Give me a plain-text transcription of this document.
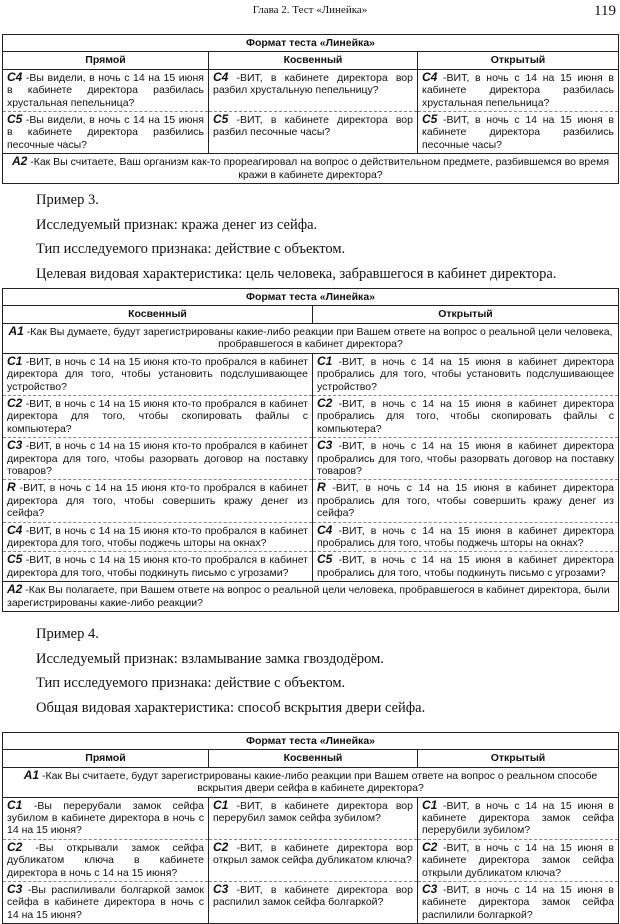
Глава 2. Тест «Линейка»	119
Формат теста «Линейка»		
Прямой	Косвенный	Открытый
C4 -Вы видели, в ночь с 14 на 15 июня в кабинете директора разбилась хрустальная пепельница?	C4 -ВИТ, в кабинете директора вор разбил хрустальную пепельницу?	C4 -ВИТ, в ночь с 14 на 15 июня в кабинете директора разбилась хрустальная пепельница?
C5 -Вы видели, в ночь с 14 на 15 июня в кабинете директора разбились песочные часы?	C5 -ВИТ, в кабинете директора вор разбил песочные часы?	C5 -ВИТ, в ночь с 14 на 15 июня в кабинете директора разбились песочные часы?
A2 -Как Вы считаете, Ваш организм как-то прореагировал на вопрос о действительном предмете, разбившемся во время кражи в кабинете директора?		
Пример 3.
Исследуемый признак: кража денег из сейфа.
Тип исследуемого признака: действие с объектом.
Целевая видовая характеристика: цель человека, забравшегося в кабинет директора.
Формат теста «Линейка»	
Косвенный	Открытый
A1 -Как Вы думаете, будут зарегистрированы какие-либо реакции при Вашем ответе на вопрос о реальной цели человека, пробравшегося в кабинет директора?	
C1 -ВИТ, в ночь с 14 на 15 июня кто-то пробрался в кабинет директора для того, чтобы установить подслушивающее устройство?	C1 -ВИТ, в ночь с 14 на 15 июня в кабинет директора пробрались для того, чтобы установить подслушивающее устройство?
C2 -ВИТ, в ночь с 14 на 15 июня кто-то пробрался в кабинет директора для того, чтобы скопировать файлы с компьютера?	C2 -ВИТ, в ночь с 14 на 15 июня в кабинет директора пробрались для того, чтобы скопировать файлы с компьютера?
C3 -ВИТ, в ночь с 14 на 15 июня кто-то пробрался в кабинет директора для того, чтобы разорвать договор на поставку товаров?	C3 -ВИТ, в ночь с 14 на 15 июня в кабинет директора пробрались для того, чтобы разорвать договор на поставку товаров?
R -ВИТ, в ночь с 14 на 15 июня кто-то пробрался в кабинет директора для того, чтобы совершить кражу денег из сейфа?	R -ВИТ, в ночь с 14 на 15 июня в кабинет директора пробрались для того, чтобы совершить кражу денег из сейфа?
C4 -ВИТ, в ночь с 14 на 15 июня кто-то пробрался в кабинет директора для того, чтобы поджечь шторы на окнах?	C4 -ВИТ, в ночь с 14 на 15 июня в кабинет директора пробрались для того, чтобы поджечь шторы на окнах?
C5 -ВИТ, в ночь с 14 на 15 июня кто-то пробрался в кабинет директора для того, чтобы подкинуть письмо с угрозами?	C5 -ВИТ, в ночь с 14 на 15 июня в кабинет директора пробрались для того, чтобы подкинуть письмо с угрозами?
A2 -Как Вы полагаете, при Вашем ответе на вопрос о реальной цели человека, пробравшегося в кабинет директора, были зарегистрированы какие-либо реакции?	
Пример 4.
Исследуемый признак: взламывание замка гвоздодёром.
Тип исследуемого признака: действие с объектом.
Общая видовая характеристика: способ вскрытия двери сейфа.
Формат теста «Линейка»		
Прямой	Косвенный	Открытый
A1 -Как Вы считаете, будут зарегистрированы какие-либо реакции при Вашем ответе на вопрос о реальном способе вскрытия двери сейфа в кабинете директора?		
C1 -Вы перерубали замок сейфа зубилом в кабинете директора в ночь с 14 на 15 июня?	C1 -ВИТ, в кабинете директора вор перерубил замок сейфа зубилом?	C1 -ВИТ, в ночь с 14 на 15 июня в кабинете директора замок сейфа перерубили зубилом?
C2 -Вы открывали замок сейфа дубликатом ключа в кабинете директора в ночь с 14 на 15 июня?	C2 -ВИТ, в кабинете директора вор открыл замок сейфа дубликатом ключа?	C2 -ВИТ, в ночь с 14 на 15 июня в кабинете директора замок сейфа открыли дубликатом ключа?
C3 -Вы распиливали болгаркой замок сейфа в кабинете директора в ночь с 14 на 15 июня?	C3 -ВИТ, в кабинете директора вор распилил замок сейфа болгаркой?	C3 -ВИТ, в ночь с 14 на 15 июня в кабинете директора замок сейфа распилили болгаркой?
